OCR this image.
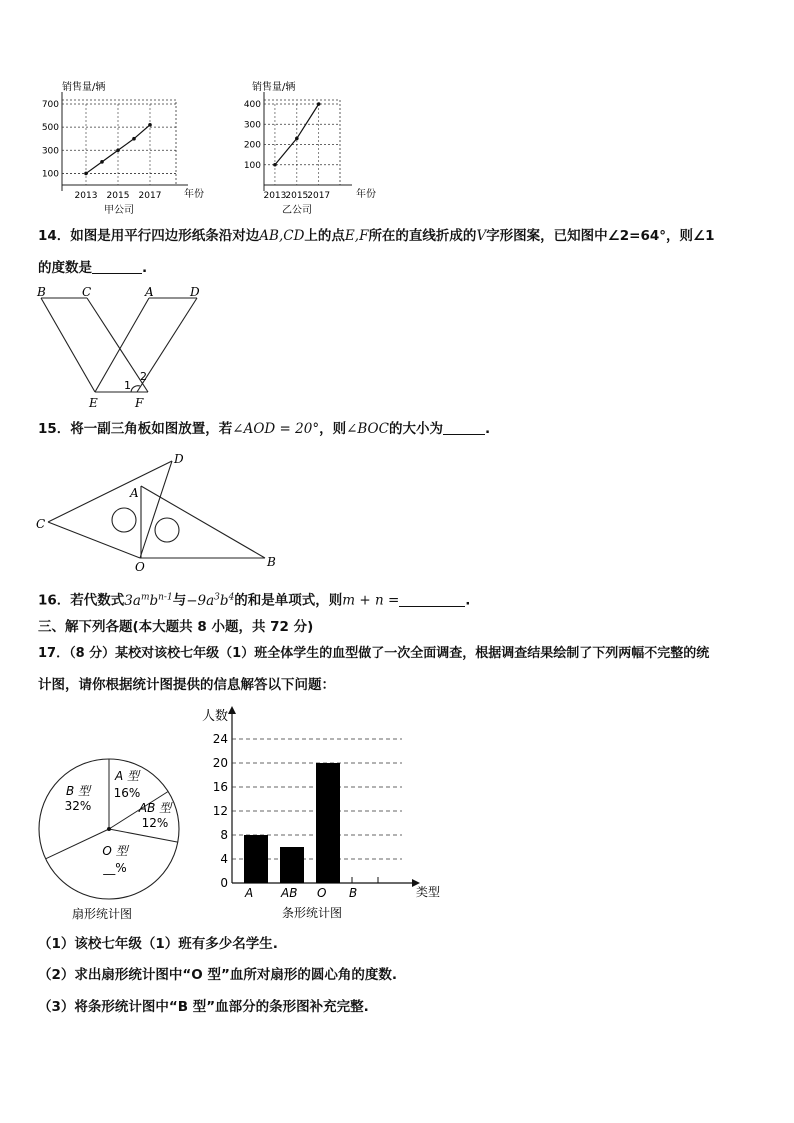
销售量/辆
年份
甲公司
100
300
500
700
2013 2015 2017
销售量/辆
年份
乙公司
100
200
300
400
2013
2015
2017
14．如图是用平行四边形纸条沿对边AB,CD上的点E,F所在的直线折成的V字形图案，已知图中∠2=64°，则∠1
的度数是	.
B	C	A	D
E	F
1
2
15．将一副三角板如图放置，若∠AOD = 20°，则∠BOC的大小为	.
D
A
C
O	B
16．若代数式$3a^mb^{n-1}$与$-9a^3b^4$的和是单项式，则m + n =	.
三、解下列各题(本大题共 8 小题，共 72 分)
17．（8 分）某校对该校七年级（1）班全体学生的血型做了一次全面调查，根据调查结果绘制了下列两幅不完整的统
计图，请你根据统计图提供的信息解答以下问题：
A 型
16%
AB 型
12%
O 型
__%
B 型
32%
扇形统计图
0
4
8
12
16
20
24
A AB O B
人数
类型
条形统计图
（1）该校七年级（1）班有多少名学生.
（2）求出扇形统计图中“O 型”血所对扇形的圆心角的度数.
（3）将条形统计图中“B 型”血部分的条形图补充完整.
